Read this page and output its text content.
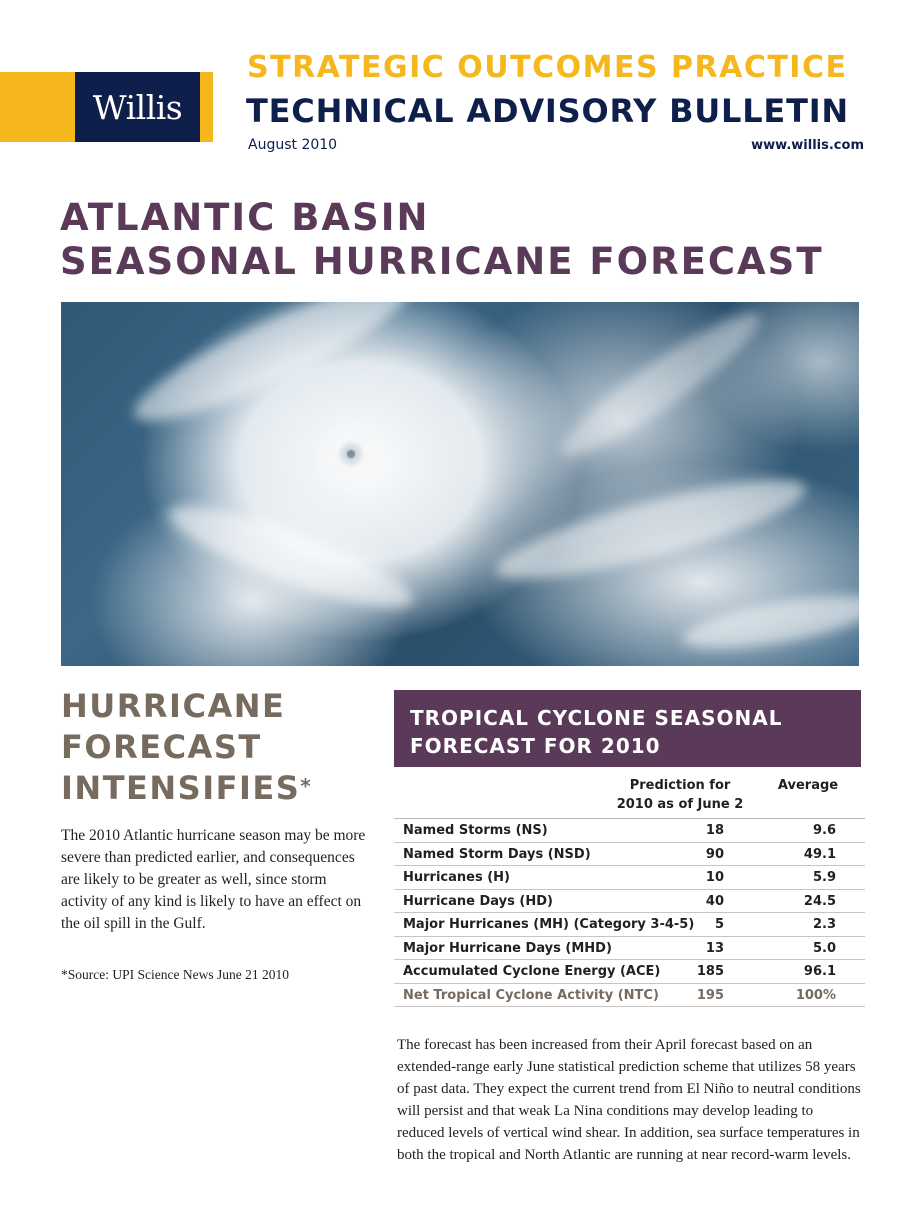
Willis
STRATEGIC OUTCOMES PRACTICE
TECHNICAL ADVISORY BULLETIN
August 2010	www.willis.com
ATLANTIC BASIN
SEASONAL HURRICANE FORECAST
HURRICANE
FORECAST
INTENSIFIES*
The 2010 Atlantic hurricane season may be more severe than predicted earlier, and consequences are likely to be greater as well, since storm activity of any kind is likely to have an effect on the oil spill in the Gulf.
*Source: UPI Science News June 21 2010
TROPICAL CYCLONE SEASONAL
FORECAST FOR 2010
Prediction for
2010 as of June 2
Average
Named Storms (NS)	18	9.6
Named Storm Days (NSD)	90	49.1
Hurricanes (H)	10	5.9
Hurricane Days (HD)	40	24.5
Major Hurricanes (MH) (Category 3-4-5)	5	2.3
Major Hurricane Days (MHD)	13	5.0
Accumulated Cyclone Energy (ACE)	185	96.1
Net Tropical Cyclone Activity (NTC)	195	100%
The forecast has been increased from their April forecast based on an extended-range early June statistical prediction scheme that utilizes 58 years of past data. They expect the current trend from El Niño to neutral conditions will persist and that weak La Nina conditions may develop leading to reduced levels of vertical wind shear. In addition, sea surface temperatures in both the tropical and North Atlantic are running at near record-warm levels.
